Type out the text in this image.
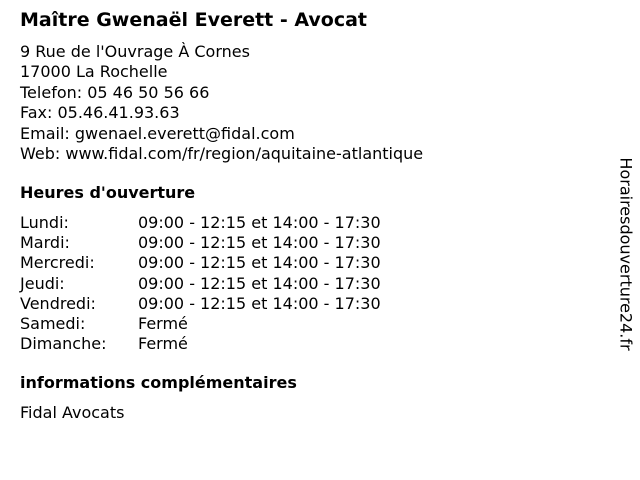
Maître Gwenaël Everett - Avocat
9 Rue de l'Ouvrage À Cornes
17000 La Rochelle
Telefon: 05 46 50 56 66
Fax: 05.46.41.93.63
Email: gwenael.everett@fidal.com
Web: www.fidal.com/fr/region/aquitaine-atlantique
Heures d'ouverture
Lundi:	09:00 - 12:15 et 14:00 - 17:30
Mardi:	09:00 - 12:15 et 14:00 - 17:30
Mercredi:	09:00 - 12:15 et 14:00 - 17:30
Jeudi:	09:00 - 12:15 et 14:00 - 17:30
Vendredi:	09:00 - 12:15 et 14:00 - 17:30
Samedi:	Fermé
Dimanche: Fermé
informations complémentaires
Fidal Avocats
Horairesdouverture24.fr
